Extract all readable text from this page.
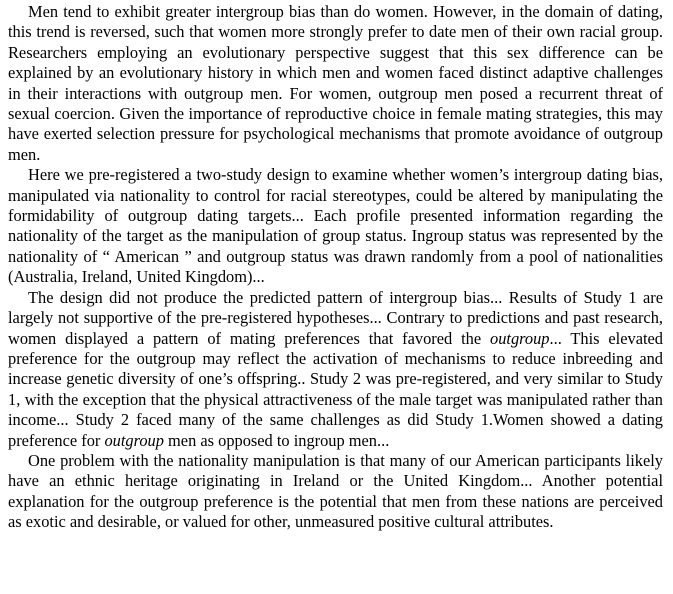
Men tend to exhibit greater intergroup bias than do women. However, in the domain of dating, this trend is reversed, such that women more strongly prefer to date men of their own racial group. Researchers employing an evolutionary perspective suggest that this sex difference can be explained by an evolutionary history in which men and women faced distinct adaptive challenges in their interactions with outgroup men. For women, outgroup men posed a recurrent threat of sexual coercion. Given the importance of reproductive choice in female mating strategies, this may have exerted selection pressure for psychological mechanisms that promote avoidance of outgroup men.

Here we pre-registered a two-study design to examine whether women’s intergroup dating bias, manipulated via nationality to control for racial stereotypes, could be altered by manipulating the formidability of outgroup dating targets... Each profile presented information regarding the nationality of the target as the manipulation of group status. Ingroup status was represented by the nationality of “ American ” and outgroup status was drawn randomly from a pool of nationalities (Australia, Ireland, United Kingdom)...

The design did not produce the predicted pattern of intergroup bias... Results of Study 1 are largely not supportive of the pre-registered hypotheses... Contrary to predictions and past research, women displayed a pattern of mating preferences that favored the outgroup... This elevated preference for the outgroup may reflect the activation of mechanisms to reduce inbreeding and increase genetic diversity of one’s offspring.. Study 2 was pre-registered, and very similar to Study 1, with the exception that the physical attractiveness of the male target was manipulated rather than income... Study 2 faced many of the same challenges as did Study 1.Women showed a dating preference for outgroup men as opposed to ingroup men...

One problem with the nationality manipulation is that many of our American participants likely have an ethnic heritage originating in Ireland or the United Kingdom... Another potential explanation for the outgroup preference is the potential that men from these nations are perceived as exotic and desirable, or valued for other, unmeasured positive cultural attributes.
